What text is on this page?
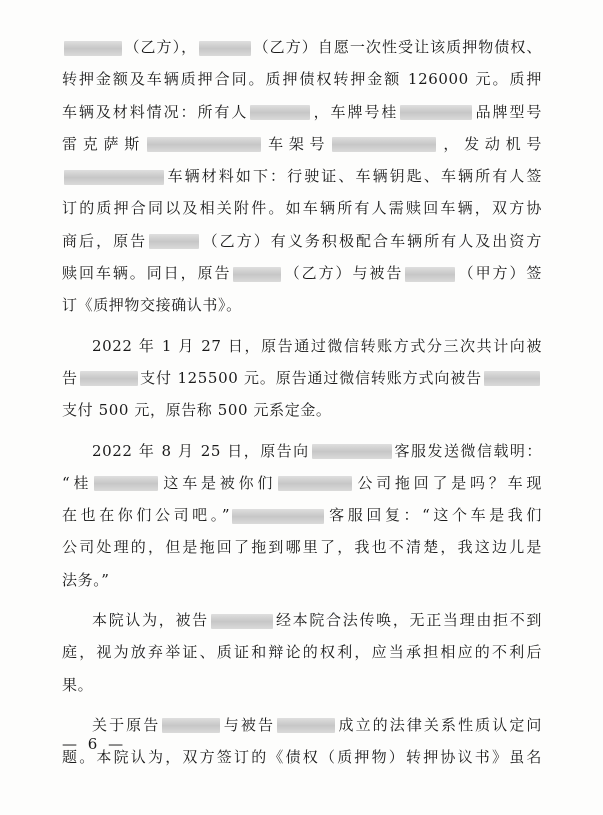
（乙方），	（乙方）自愿一次性受让该质押物债权、
转押金额及车辆质押合同。质押债权转押金额 126000 元。质押
车辆及材料情况：所有人	，车牌号桂	品牌型号
雷克萨斯	车架号	，发动机号
车辆材料如下：行驶证、车辆钥匙、车辆所有人签
订的质押合同以及相关附件。如车辆所有人需赎回车辆，双方协
商后，原告	（乙方）有义务积极配合车辆所有人及出资方
赎回车辆。同日，原告	（乙方）与被告	（甲方）签
订《质押物交接确认书》。
2022 年 1 月 27 日，原告通过微信转账方式分三次共计向被
告	支付 125500 元。原告通过微信转账方式向被告
支付 500 元，原告称 500 元系定金。
2022 年 8 月 25 日，原告向	客服发送微信载明：
“桂	这车是被你们	公司拖回了是吗？车现
在也在你们公司吧。”	客服回复：“这个车是我们
公司处理的，但是拖回了拖到哪里了，我也不清楚，我这边儿是
法务。”
本院认为，被告	经本院合法传唤，无正当理由拒不到
庭，视为放弃举证、质证和辩论的权利，应当承担相应的不利后
果。
关于原告	与被告	成立的法律关系性质认定问
题。本院认为，双方签订的《债权（质押物）转押协议书》虽名
— 6 —
